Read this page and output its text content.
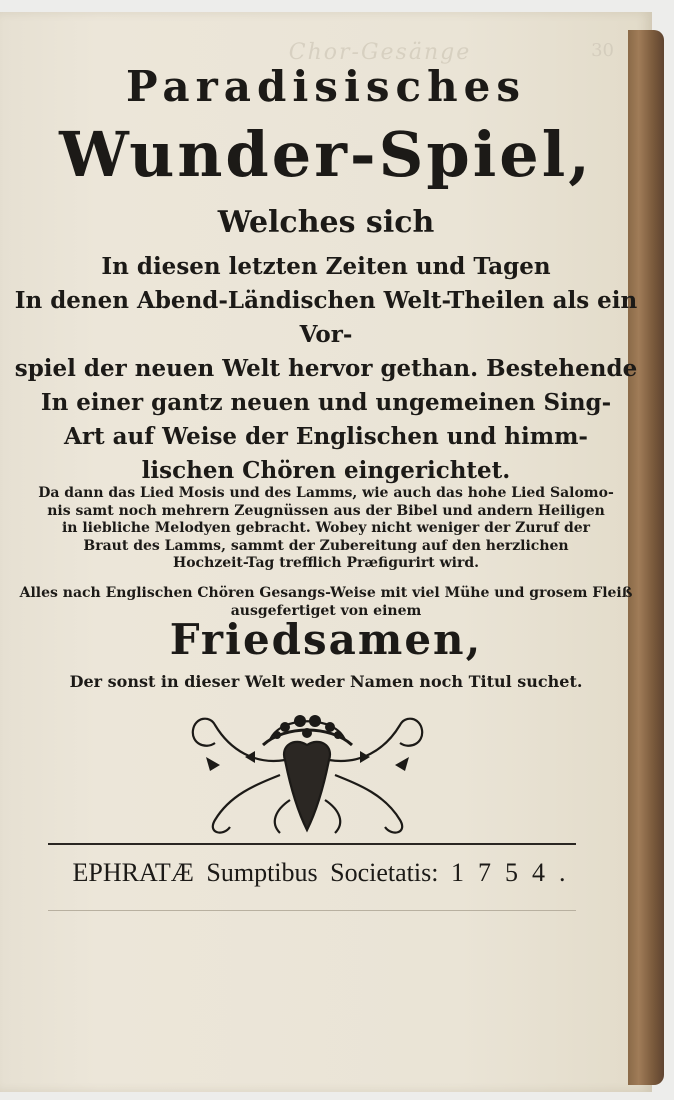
Chor-Gesänge	30
Paradisisches
Wunder-Spiel,
Welches sich
In diesen letzten Zeiten und Tagen
In denen Abend-Ländischen Welt-Theilen als ein Vor-
spiel der neuen Welt hervor gethan. Bestehende
In einer gantz neuen und ungemeinen Sing-
Art auf Weise der Englischen und himm-
lischen Chören eingerichtet.
Da dann das Lied Mosis und des Lamms, wie auch das hohe Lied Salomo-
nis samt noch mehrern Zeugnüssen aus der Bibel und andern Heiligen
in liebliche Melodyen gebracht. Wobey nicht weniger der Zuruf der
Braut des Lamms, sammt der Zubereitung auf den herzlichen
Hochzeit-Tag trefflich Præfigurirt wird.
Alles nach Englischen Chören Gesangs-Weise mit viel Mühe und grosem Fleiß
ausgefertiget von einem
Friedsamen,
Der sonst in dieser Welt weder Namen noch Titul suchet.
EPHRATÆ Sumptibus Societatis: 1754.
